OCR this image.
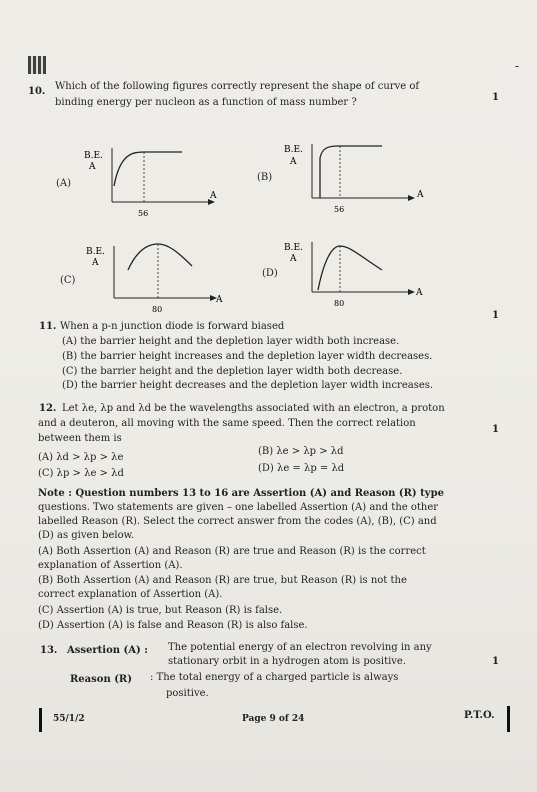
-
10. Which of the following figures correctly represent the shape of curve of
binding energy per nucleon as a function of mass number ?	1
(A)
(B)
(C)
(D)
B.E.
A
A
56
B.E.
A
A
56
B.E.
A
A
80
B.E.
A
A
80
11. When a p-n junction diode is forward biased
1
(A) the barrier height and the depletion layer width both increase.
(B) the barrier height increases and the depletion layer width decreases.
(C) the barrier height and the depletion layer width both decrease.
(D) the barrier height decreases and the depletion layer width increases.
12. Let λe, λp and λd be the wavelengths associated with an electron, a proton
and a deuteron, all moving with the same speed. Then the correct relation
between them is
1
(A) λd > λp > λe
(B) λe > λp > λd
(C) λp > λe > λd	(D) λe = λp = λd
Note : Question numbers 13 to 16 are Assertion (A) and Reason (R) type
questions. Two statements are given – one labelled Assertion (A) and the other
labelled Reason (R). Select the correct answer from the codes (A), (B), (C) and
(D) as given below.
(A) Both Assertion (A) and Reason (R) are true and Reason (R) is the correct
explanation of Assertion (A).
(B) Both Assertion (A) and Reason (R) are true, but Reason (R) is not the
correct explanation of Assertion (A).
(C) Assertion (A) is true, but Reason (R) is false.
(D) Assertion (A) is false and Reason (R) is also false.
13. Assertion (A) : The potential energy of an electron revolving in any
stationary orbit in a hydrogen atom is positive.
Reason (R) : The total energy of a charged particle is always
positive.
1
55/1/2	Page 9 of 24	P.T.O.
